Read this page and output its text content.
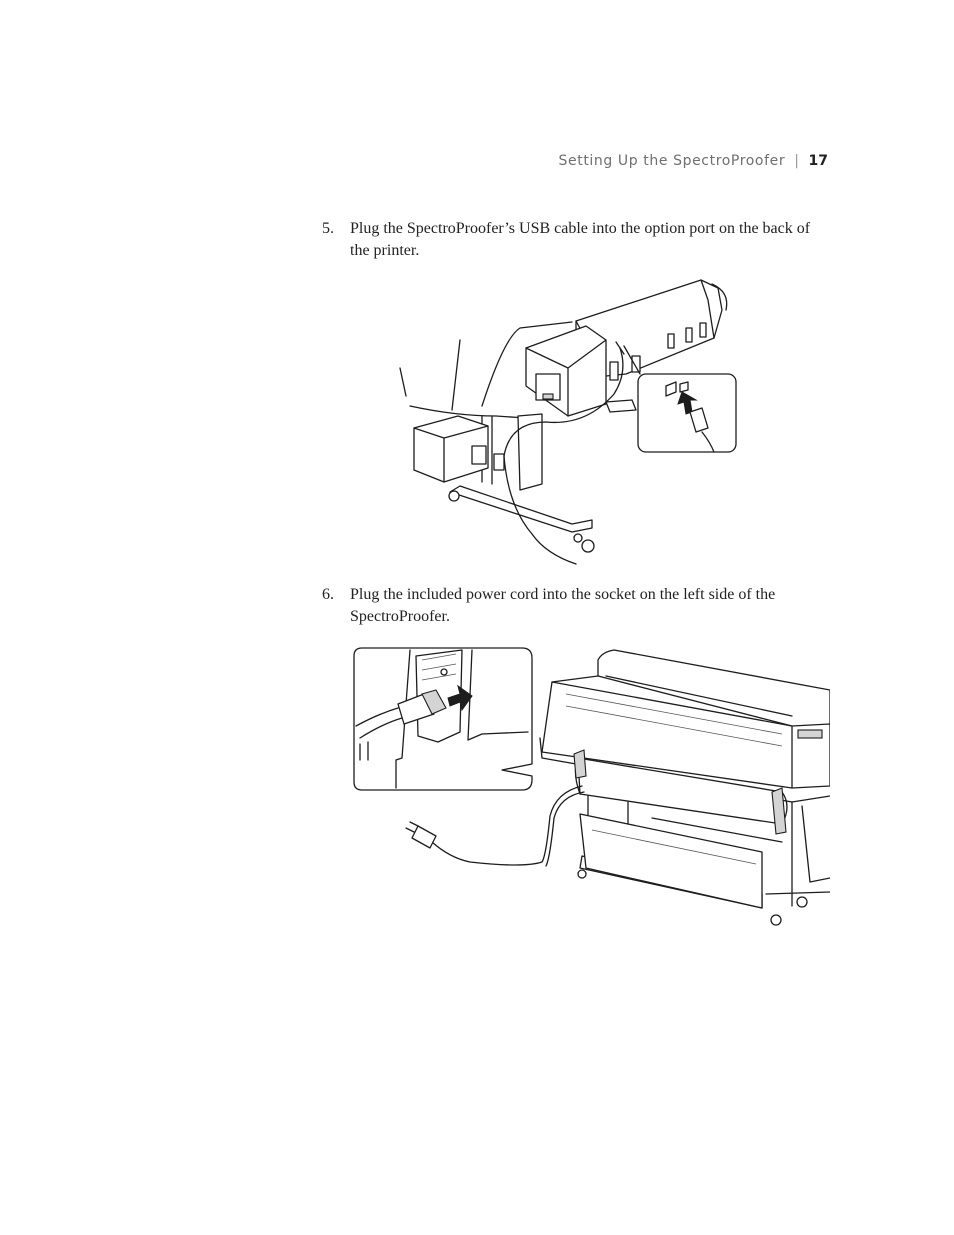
Setting Up the SpectroProofer | 17
5. Plug the SpectroProofer’s USB cable into the option port on the back of the printer.
6. Plug the included power cord into the socket on the left side of the SpectroProofer.
